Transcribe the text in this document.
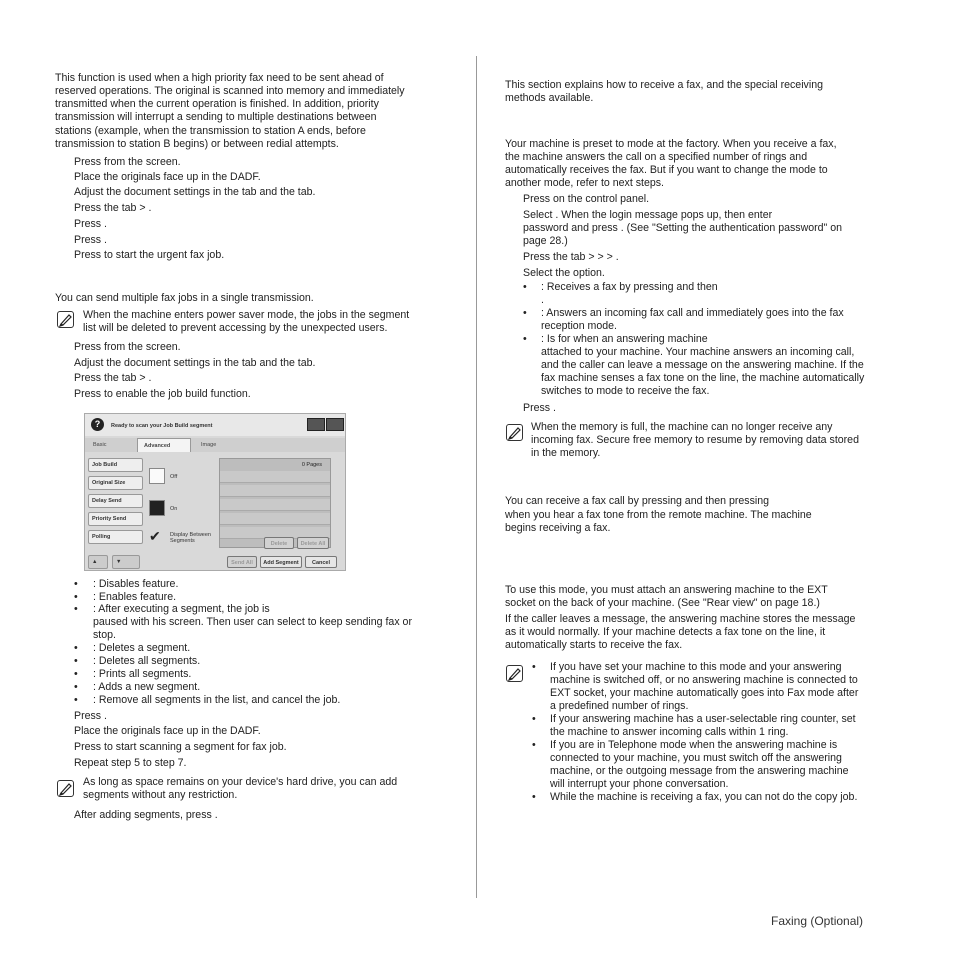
This function is used when a high priority fax need to be sent ahead of
reserved operations. The original is scanned into memory and immediately
transmitted when the current operation is finished. In addition, priority
transmission will interrupt a sending to multiple destinations between
stations (example, when the transmission to station A ends, before
transmission to station B begins) or between redial attempts.
Press from the screen.
Place the originals face up in the DADF.
Adjust the document settings in the tab and the tab.
Press the tab > .
Press .
Press .
Press to start the urgent fax job.
You can send multiple fax jobs in a single transmission.
When the machine enters power saver mode, the jobs in the segment
list will be deleted to prevent accessing by the unexpected users.
Press from the screen.
Adjust the document settings in the tab and the tab.
Press the tab > .
Press to enable the job build function.
?	Ready to scan your Job Build segment
Basic	Advanced	Image
Job Build
Original Size
Delay Send
Priority Send
Polling
▲	▼
Off
On
✔ Display Between Segments
0 Pages
Delete	Delete All
Send All	Add Segment	Cancel
• : Disables feature.
• : Enables feature.
• : After executing a segment, the job is
paused with his screen. Then user can select to keep sending fax or
stop.
• : Deletes a segment.
• : Deletes all segments.
• : Prints all segments.
• : Adds a new segment.
• : Remove all segments in the list, and cancel the job.
Press .
Place the originals face up in the DADF.
Press to start scanning a segment for fax job.
Repeat step 5 to step 7.
As long as space remains on your device's hard drive, you can add
segments without any restriction.
After adding segments, press .
This section explains how to receive a fax, and the special receiving
methods available.
Your machine is preset to mode at the factory. When you receive a fax,
the machine answers the call on a specified number of rings and
automatically receives the fax. But if you want to change the mode to
another mode, refer to next steps.
Press on the control panel.
Select . When the login message pops up, then enter
password and press . (See "Setting the authentication password" on
page 28.)
Press the tab > > > .
Select the option.
• : Receives a fax by pressing and then
.
• : Answers an incoming fax call and immediately goes into the fax
reception mode.
• : Is for when an answering machine
attached to your machine. Your machine answers an incoming call,
and the caller can leave a message on the answering machine. If the
fax machine senses a fax tone on the line, the machine automatically
switches to mode to receive the fax.
Press .
When the memory is full, the machine can no longer receive any
incoming fax. Secure free memory to resume by removing data stored
in the memory.
You can receive a fax call by pressing and then pressing
when you hear a fax tone from the remote machine. The machine
begins receiving a fax.
To use this mode, you must attach an answering machine to the EXT
socket on the back of your machine. (See "Rear view" on page 18.)
If the caller leaves a message, the answering machine stores the message
as it would normally. If your machine detects a fax tone on the line, it
automatically starts to receive the fax.
• If you have set your machine to this mode and your answering
machine is switched off, or no answering machine is connected to
EXT socket, your machine automatically goes into Fax mode after
a predefined number of rings.
• If your answering machine has a user-selectable ring counter, set
the machine to answer incoming calls within 1 ring.
• If you are in Telephone mode when the answering machine is
connected to your machine, you must switch off the answering
machine, or the outgoing message from the answering machine
will interrupt your phone conversation.
• While the machine is receiving a fax, you can not do the copy job.
Faxing (Optional)
